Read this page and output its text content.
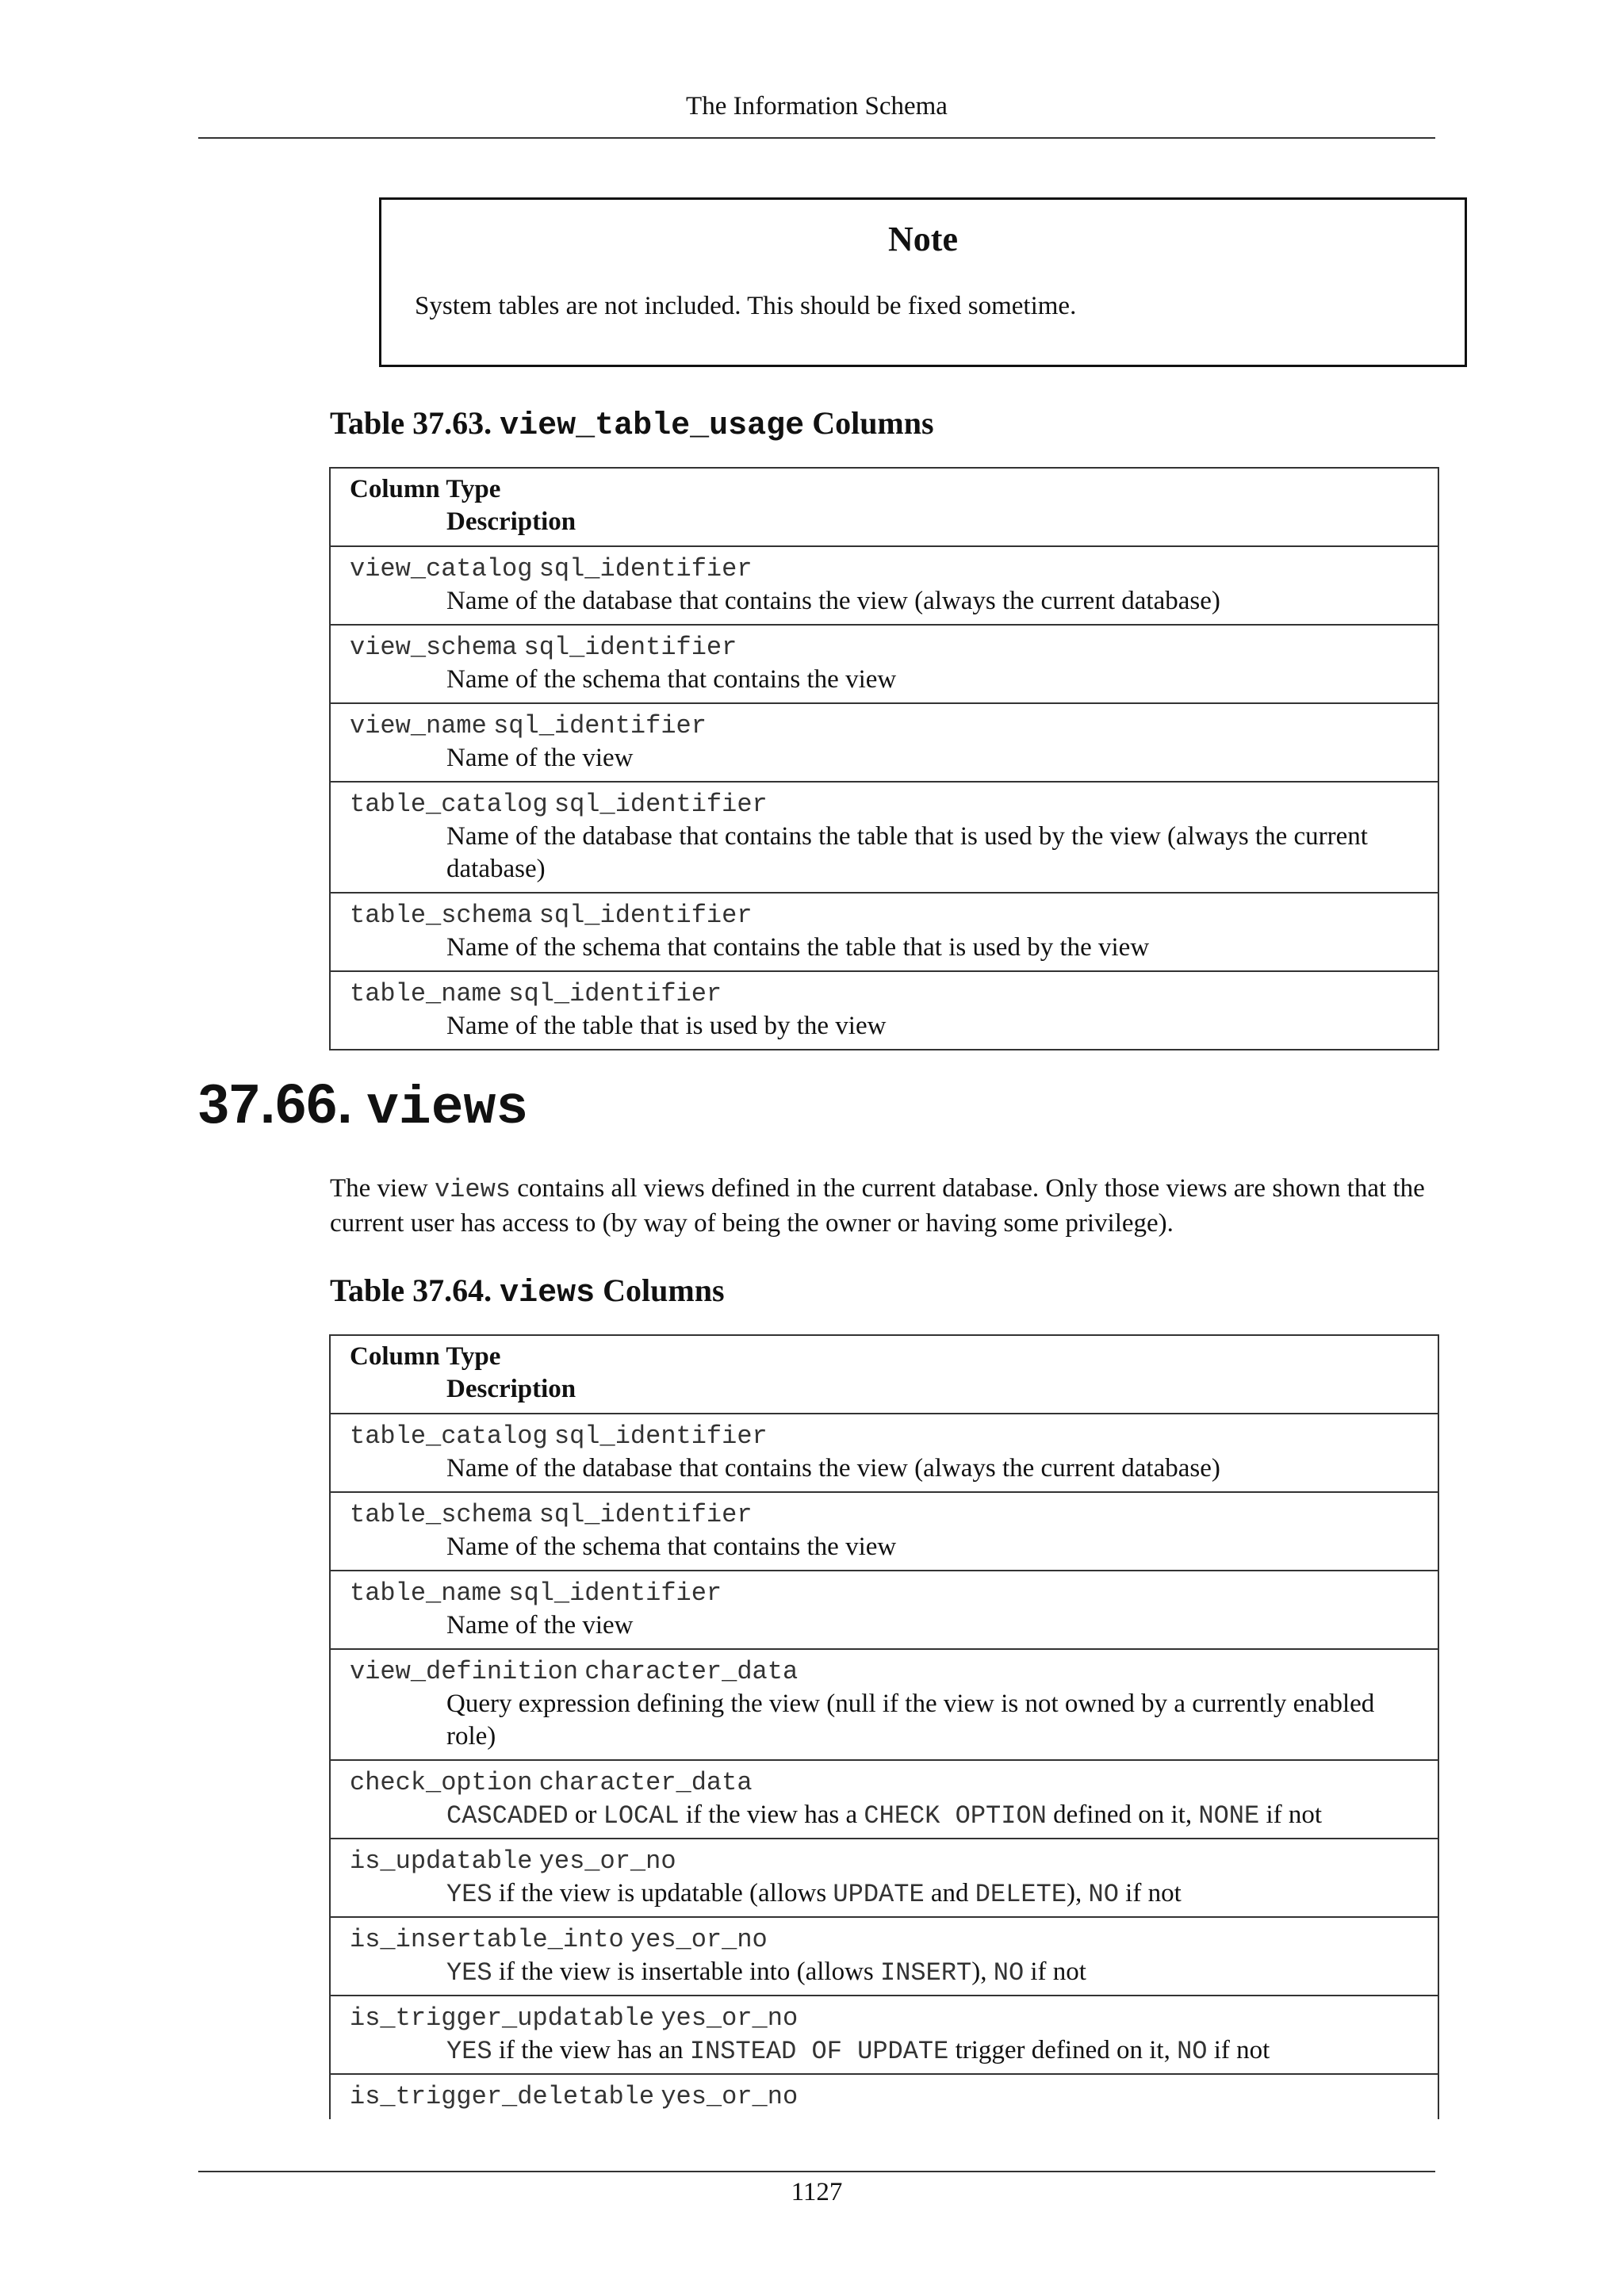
The Information Schema
Note
System tables are not included. This should be fixed sometime.
Table 37.63. view_table_usage Columns
Column Type
Description
view_catalog sql_identifier
Name of the database that contains the view (always the current database)
view_schema sql_identifier
Name of the schema that contains the view
view_name sql_identifier
Name of the view
table_catalog sql_identifier
Name of the database that contains the table that is used by the view (always the current database)
table_schema sql_identifier
Name of the schema that contains the table that is used by the view
table_name sql_identifier
Name of the table that is used by the view
37.66. views
The view views contains all views defined in the current database. Only those views are shown that the current user has access to (by way of being the owner or having some privilege).
Table 37.64. views Columns
Column Type
Description
table_catalog sql_identifier
Name of the database that contains the view (always the current database)
table_schema sql_identifier
Name of the schema that contains the view
table_name sql_identifier
Name of the view
view_definition character_data
Query expression defining the view (null if the view is not owned by a currently enabled role)
check_option character_data
CASCADED or LOCAL if the view has a CHECK OPTION defined on it, NONE if not
is_updatable yes_or_no
YES if the view is updatable (allows UPDATE and DELETE), NO if not
is_insertable_into yes_or_no
YES if the view is insertable into (allows INSERT), NO if not
is_trigger_updatable yes_or_no
YES if the view has an INSTEAD OF UPDATE trigger defined on it, NO if not
is_trigger_deletable yes_or_no
1127
